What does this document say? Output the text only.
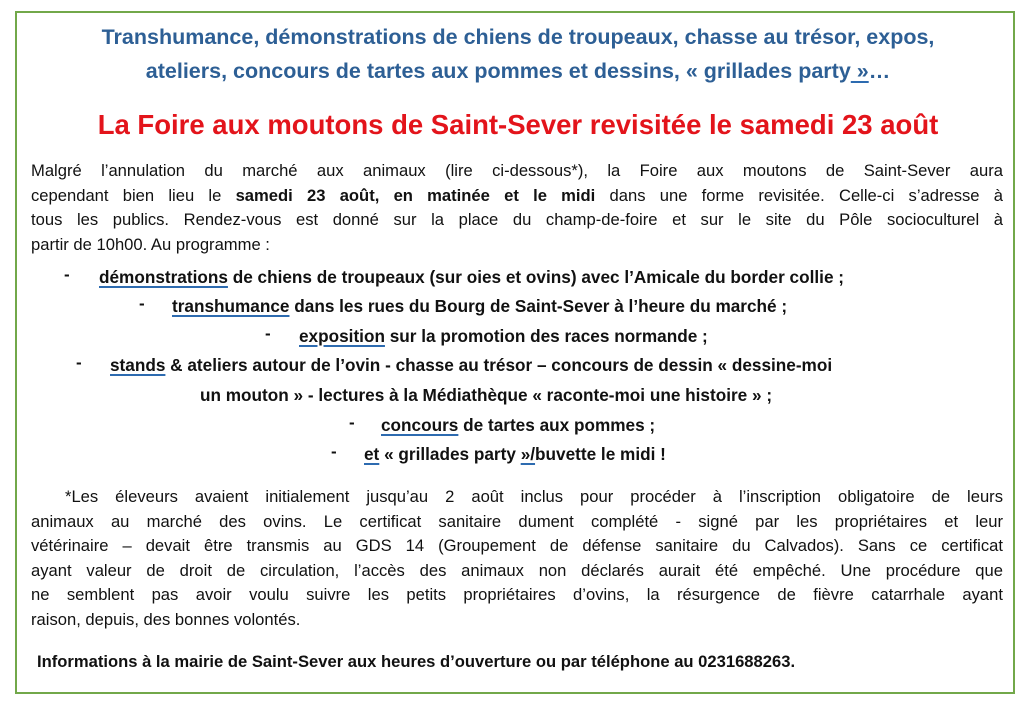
Transhumance, démonstrations de chiens de troupeaux, chasse au trésor, expos,
ateliers, concours de tartes aux pommes et dessins, « grillades party »…
La Foire aux moutons de Saint-Sever revisitée le samedi 23 août
Malgré l’annulation du marché aux animaux (lire ci-dessous*), la Foire aux moutons de Saint-Sever aura
cependant bien lieu le samedi 23 août, en matinée et le midi dans une forme revisitée. Celle-ci s’adresse à
tous les publics. Rendez-vous est donné sur la place du champ-de-foire et sur le site du Pôle socioculturel à
partir de 10h00. Au programme :
- démonstrations de chiens de troupeaux (sur oies et ovins) avec l’Amicale du border collie ;
- transhumance dans les rues du Bourg de Saint-Sever à l’heure du marché ;
- exposition sur la promotion des races normande ;
- stands & ateliers autour de l’ovin - chasse au trésor – concours de dessin « dessine-moi
un mouton » - lectures à la Médiathèque « raconte-moi une histoire » ;
- concours de tartes aux pommes ;
- et « grillades party »/buvette le midi !
*Les éleveurs avaient initialement jusqu’au 2 août inclus pour procéder à l’inscription obligatoire de leurs
animaux au marché des ovins. Le certificat sanitaire dument complété - signé par les propriétaires et leur
vétérinaire – devait être transmis au GDS 14 (Groupement de défense sanitaire du Calvados). Sans ce certificat
ayant valeur de droit de circulation, l’accès des animaux non déclarés aurait été empêché. Une procédure que
ne semblent pas avoir voulu suivre les petits propriétaires d’ovins, la résurgence de fièvre catarrhale ayant
raison, depuis, des bonnes volontés.
Informations à la mairie de Saint-Sever aux heures d’ouverture ou par téléphone au 0231688263.
